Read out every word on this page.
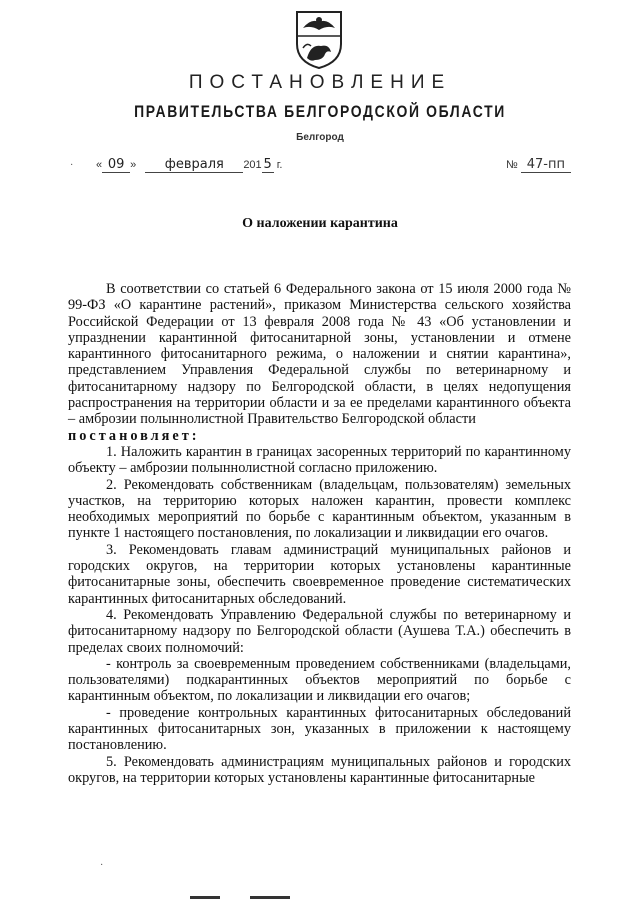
ПОСТАНОВЛЕНИЕ
ПРАВИТЕЛЬСТВА БЕЛГОРОДСКОЙ ОБЛАСТИ
Белгород
« 09 » февраля 201 5 г.	№ 47-пп
О наложении карантина

В соответствии со статьей 6 Федерального закона от 15 июля 2000 года № 99-ФЗ «О карантине растений», приказом Министерства сельского хозяйства Российской Федерации от 13 февраля 2008 года № 43 «Об установлении и упразднении карантинной фитосанитарной зоны, установлении и отмене карантинного фитосанитарного режима, о наложении и снятии карантина», представлением Управления Федеральной службы по ветеринарному и фитосанитарному надзору по Белгородской области, в целях недопущения распространения на территории области и за ее пределами карантинного объекта – амброзии полыннолистной Правительство Белгородской области

постановляет:

1. Наложить карантин в границах засоренных территорий по карантинному объекту – амброзии полыннолистной согласно приложению.

2. Рекомендовать собственникам (владельцам, пользователям) земельных участков, на территорию которых наложен карантин, провести комплекс необходимых мероприятий по борьбе с карантинным объектом, указанным в пункте 1 настоящего постановления, по локализации и ликвидации его очагов.

3. Рекомендовать главам администраций муниципальных районов и городских округов, на территории которых установлены карантинные фитосанитарные зоны, обеспечить своевременное проведение систематических карантинных фитосанитарных обследований.

4. Рекомендовать Управлению Федеральной службы по ветеринарному и фитосанитарному надзору по Белгородской области (Аушева Т.А.) обеспечить в пределах своих полномочий:

- контроль за своевременным проведением собственниками (владельцами, пользователями) подкарантинных объектов мероприятий по борьбе с карантинным объектом, по локализации и ликвидации его очагов;

- проведение контрольных карантинных фитосанитарных обследований карантинных фитосанитарных зон, указанных в приложении к настоящему постановлению.

5. Рекомендовать администрациям муниципальных районов и городских округов, на территории которых установлены карантинные фитосанитарные

·
·
